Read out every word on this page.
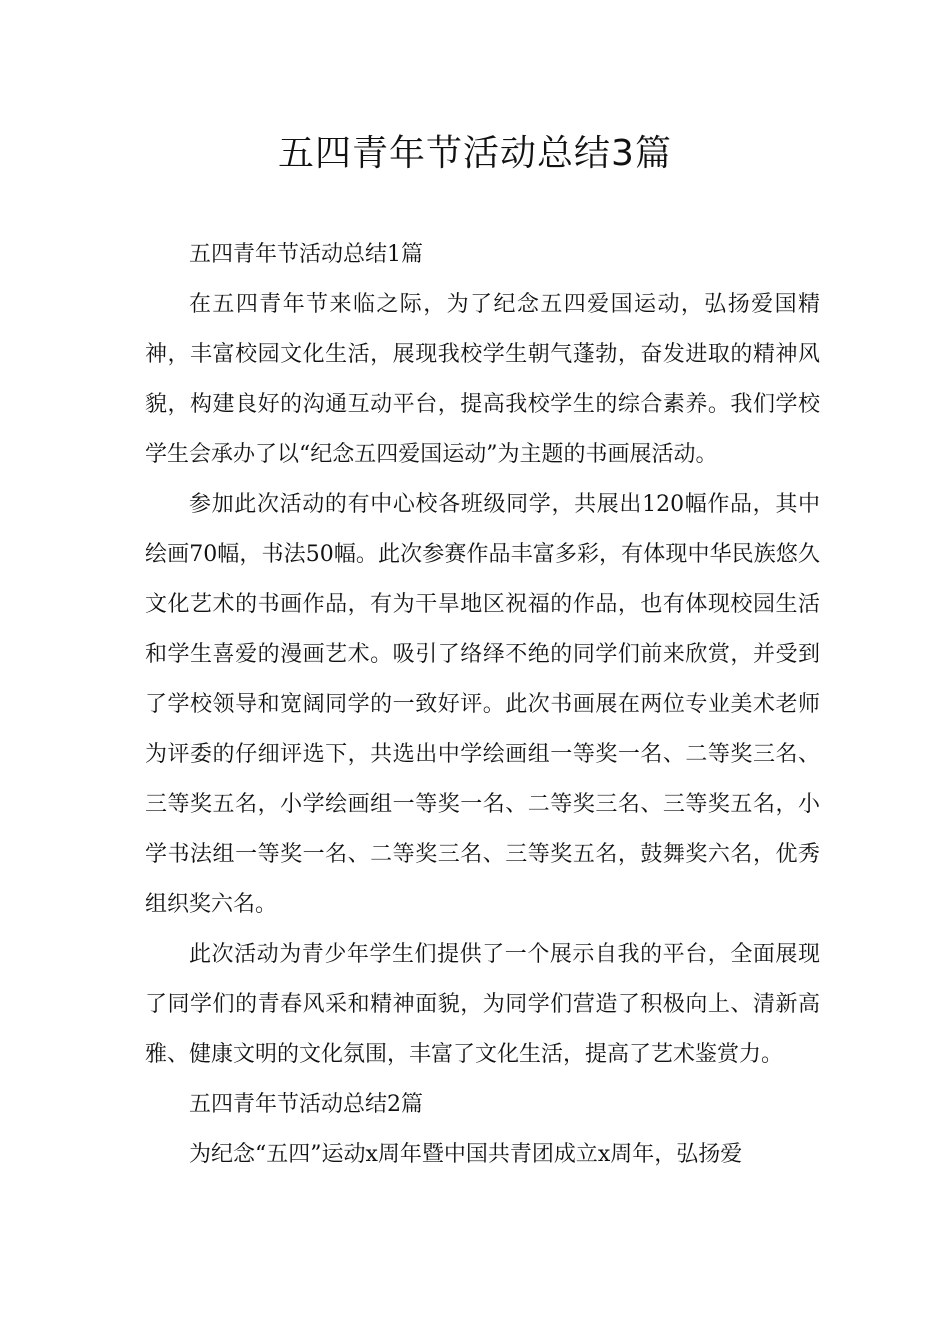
五四青年节活动总结3篇

五四青年节活动总结1篇

在五四青年节来临之际，为了纪念五四爱国运动，弘扬爱国精神，丰富校园文化生活，展现我校学生朝气蓬勃，奋发进取的精神风貌，构建良好的沟通互动平台，提高我校学生的综合素养。我们学校学生会承办了以“纪念五四爱国运动”为主题的书画展活动。

参加此次活动的有中心校各班级同学，共展出120幅作品，其中绘画70幅，书法50幅。此次参赛作品丰富多彩，有体现中华民族悠久文化艺术的书画作品，有为干旱地区祝福的作品，也有体现校园生活和学生喜爱的漫画艺术。吸引了络绎不绝的同学们前来欣赏，并受到了学校领导和宽阔同学的一致好评。此次书画展在两位专业美术老师为评委的仔细评选下，共选出中学绘画组一等奖一名、二等奖三名、三等奖五名，小学绘画组一等奖一名、二等奖三名、三等奖五名，小学书法组一等奖一名、二等奖三名、三等奖五名，鼓舞奖六名，优秀组织奖六名。

此次活动为青少年学生们提供了一个展示自我的平台，全面展现了同学们的青春风采和精神面貌，为同学们营造了积极向上、清新高雅、健康文明的文化氛围，丰富了文化生活，提高了艺术鉴赏力。

五四青年节活动总结2篇

为纪念“五四”运动x周年暨中国共青团成立x周年，弘扬爱
